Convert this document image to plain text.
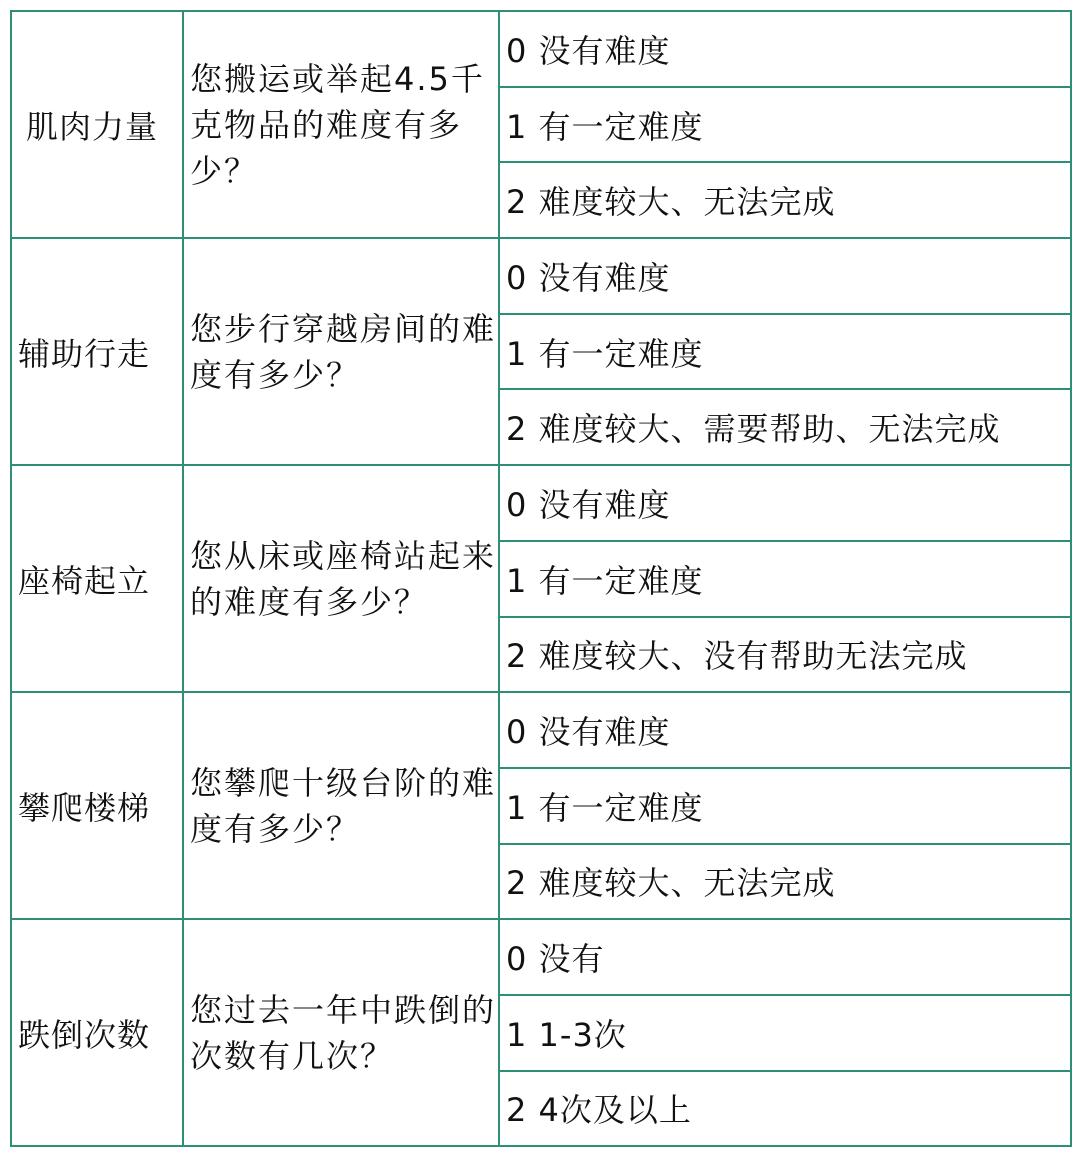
肌肉力量	您搬运或举起4.5千克物品的难度有多少？	0 没有难度
		1 有一定难度
		2 难度较大、无法完成
辅助行走	您步行穿越房间的难度有多少？	0 没有难度
		1 有一定难度
		2 难度较大、需要帮助、无法完成
座椅起立	您从床或座椅站起来的难度有多少？	0 没有难度
		1 有一定难度
		2 难度较大、没有帮助无法完成
攀爬楼梯	您攀爬十级台阶的难度有多少？	0 没有难度
		1 有一定难度
		2 难度较大、无法完成
跌倒次数	您过去一年中跌倒的次数有几次？	0 没有
		1 1-3次
		2 4次及以上
